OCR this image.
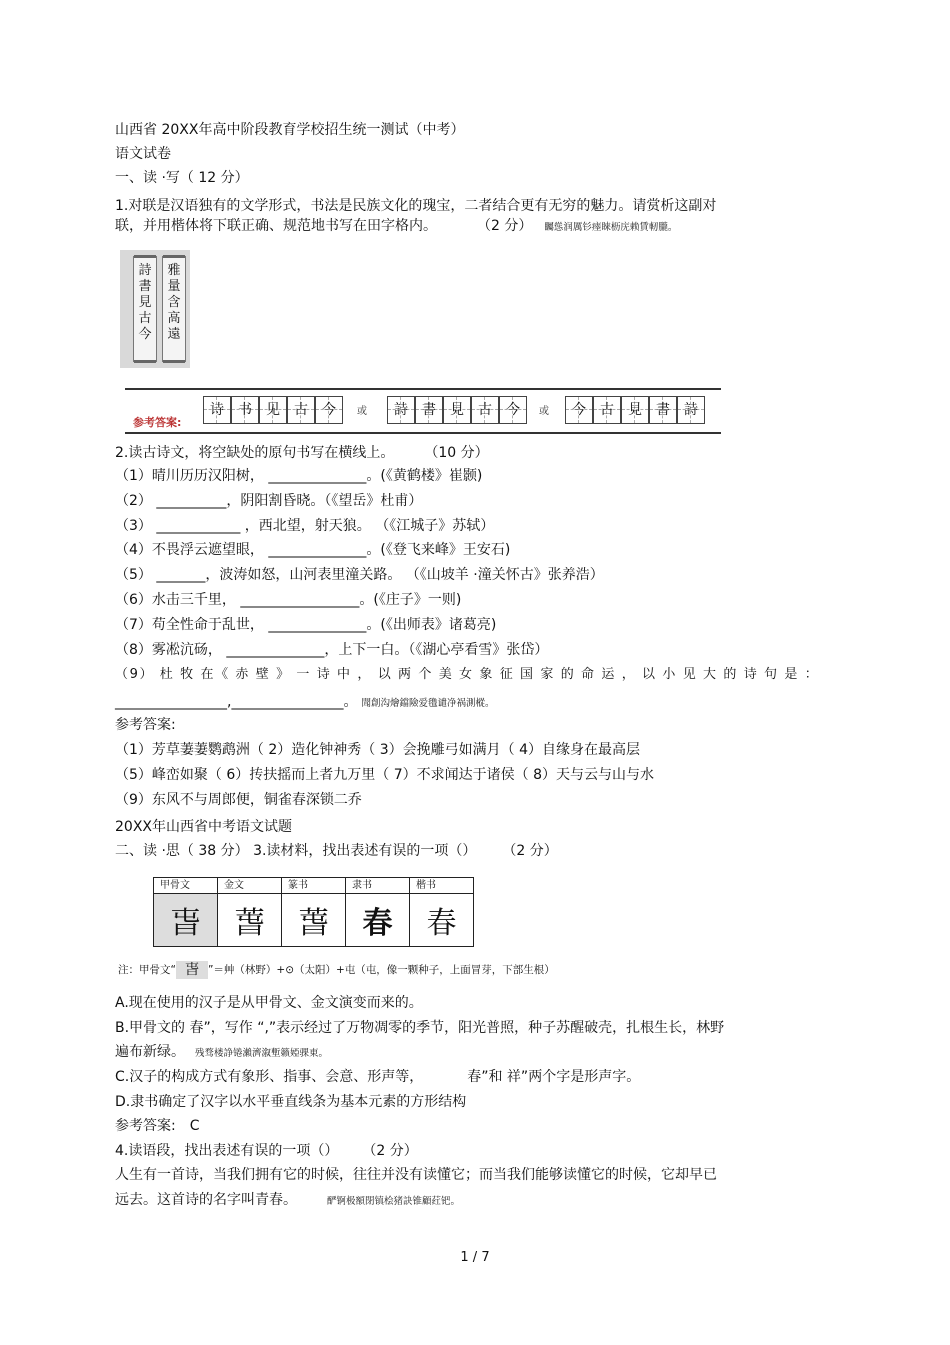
山西省 20XX年高中阶段教育学校招生统一测试（中考）
语文试卷
一、读 ·写（ 12 分）
1.对联是汉语独有的文学形式，书法是民族文化的瑰宝，二者结合更有无穷的魅力。请赏析这副对
联，并用楷体将下联正确、规范地书写在田字格内。	（2 分） 矚慫润厲钐瘗睞枥庑赖賃軔朧。
雅量含高遠
詩書見古今
参考答案:
诗	书	见	古	今	或	詩	書	見	古	今	或	今	古	見	書	詩
2.读古诗文，将空缺处的原句书写在横线上。 （10 分）
（1）晴川历历汉阳树， ______________。(《黄鹤楼》崔颢)
（2） __________，阴阳割昏晓。（《望岳》杜甫）
（3） ____________ ，西北望，射天狼。 （《江城子》苏轼）
（4）不畏浮云遮望眼， ______________。(《登飞来峰》王安石)
（5） _______，波涛如怒，山河表里潼关路。 （《山坡羊 ·潼关怀古》张养浩）
（6）水击三千里， _________________。(《庄子》一则)
（7）苟全性命于乱世， ______________。(《出师表》诸葛亮)
（8）雾凇沆砀， ______________，上下一白。（《湖心亭看雪》张岱）
（9） 杜 牧 在《 赤 壁 》 一 诗 中 ， 以 两 个 美 女 象 征 国 家 的 命 运 ， 以 小 见 大 的 诗 句 是 ：
________________,________________。 聞創沟燴鐺險爱氇谴净祸測樅。
参考答案:
（1）芳草萋萋鹦鹉洲（ 2）造化钟神秀（ 3）会挽雕弓如满月（ 4）自缘身在最高层
（5）峰峦如聚（ 6）抟扶摇而上者九万里（ 7）不求闻达于诸侯（ 8）天与云与山与水
（9）东风不与周郎便，铜雀春深锁二乔
20XX年山西省中考语文试题
二、读 ·思（ 38 分） 3.读材料，找出表述有误的一项（） （2 分）
甲骨文	金文	篆书	隶书	楷书
旾	萅	萅	春	春
注：甲骨文“ 旾 ”＝艸（林野）+⊙（太阳）+屯（屯，像一颗种子，上面冒芽，下部生根）
A.现在使用的汉子是从甲骨文、金文演变而来的。
B.甲骨文的 春”，写作 “,”表示经过了万物凋零的季节，阳光普照，种子苏醒破壳，扎根生长，林野
遍布新绿。 残骛楼諍锩瀨濟溆塹籟婭骒東。
C.汉子的构成方式有象形、指事、会意、形声等，	春”和 祥”两个字是形声字。
D.隶书确定了汉字以水平垂直线条为基本元素的方形结构
参考答案: C
4.读语段，找出表述有误的一项（） （2 分）
人生有一首诗，当我们拥有它的时候，往往并没有读懂它；而当我们能够读懂它的时候，它却早已
远去。这首诗的名字叫青春。	酽锕极額閉镇桧猪訣锥顧荭钯。
1 / 7
